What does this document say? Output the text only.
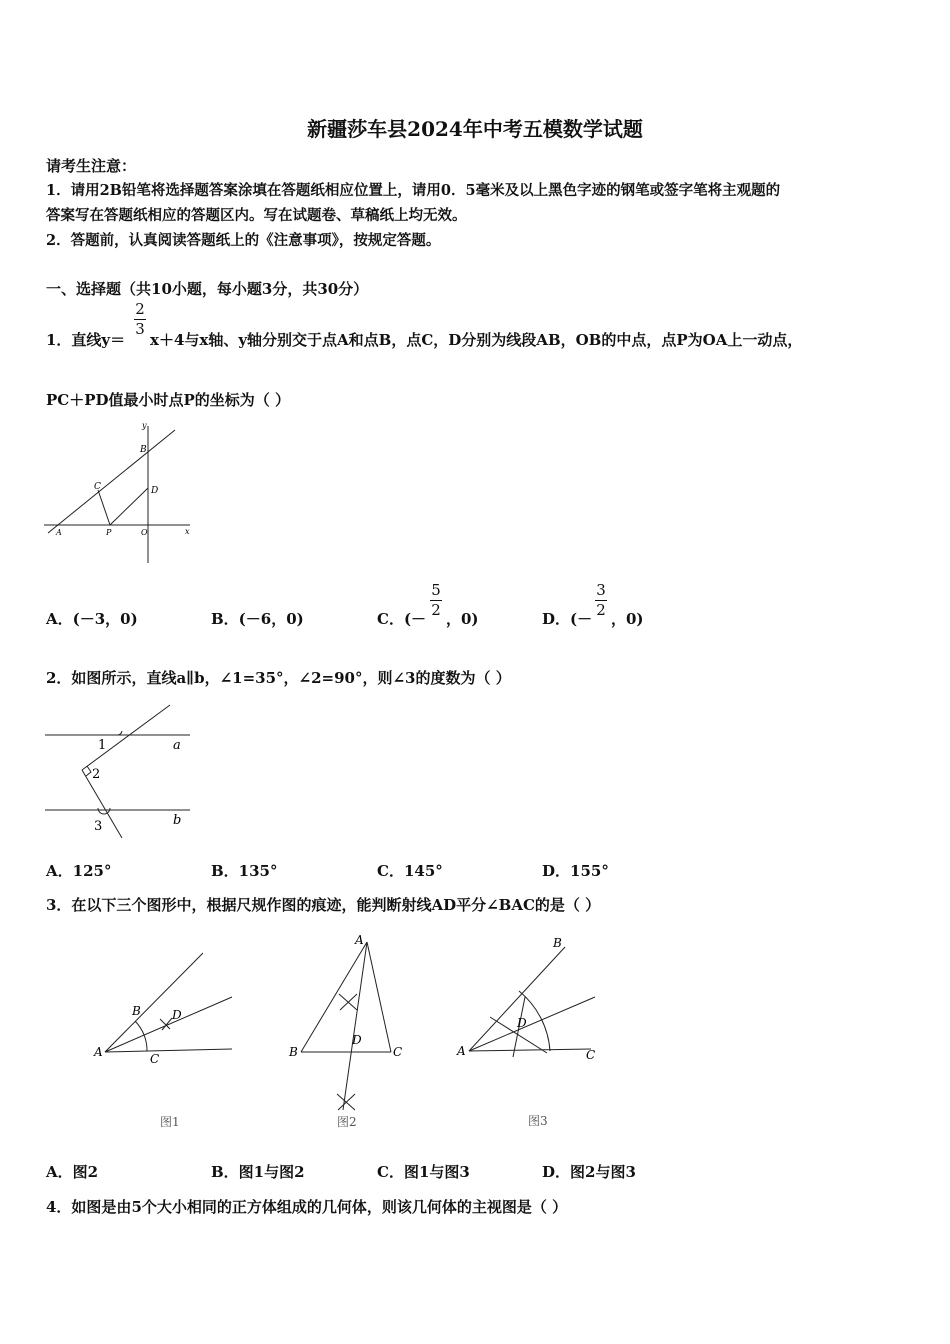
新疆莎车县2024年中考五模数学试题
请考生注意：
1．请用2B铅笔将选择题答案涂填在答题纸相应位置上，请用0．5毫米及以上黑色字迹的钢笔或签字笔将主观题的
答案写在答题纸相应的答题区内。写在试题卷、草稿纸上均无效。
2．答题前，认真阅读答题纸上的《注意事项》，按规定答题。
一、选择题（共10小题，每小题3分，共30分）
1．直线y＝
2
3
x＋4与x轴、y轴分别交于点A和点B，点C，D分别为线段AB，OB的中点，点P为OA上一动点，
PC＋PD值最小时点P的坐标为（ ）
y
B
C	D
A	P	O	x
A．(－3，0)	B．(－6，0)	C．(－
5
2 ，0)	D．(－
3
2 ，0)
2．如图所示，直线a∥b，∠1=35°，∠2=90°，则∠3的度数为（ ）
1
2
3
a
b
A．125°	B．135°	C．145°	D．155°
3．在以下三个图形中，根据尺规作图的痕迹，能判断射线AD平分∠BAC的是（ ）
B	D
A	C
图1
A
B	C
D
图2
B
D
A	C
图3
A．图2	B．图1与图2	C．图1与图3	D．图2与图3
4．如图是由5个大小相同的正方体组成的几何体，则该几何体的主视图是（ ）
